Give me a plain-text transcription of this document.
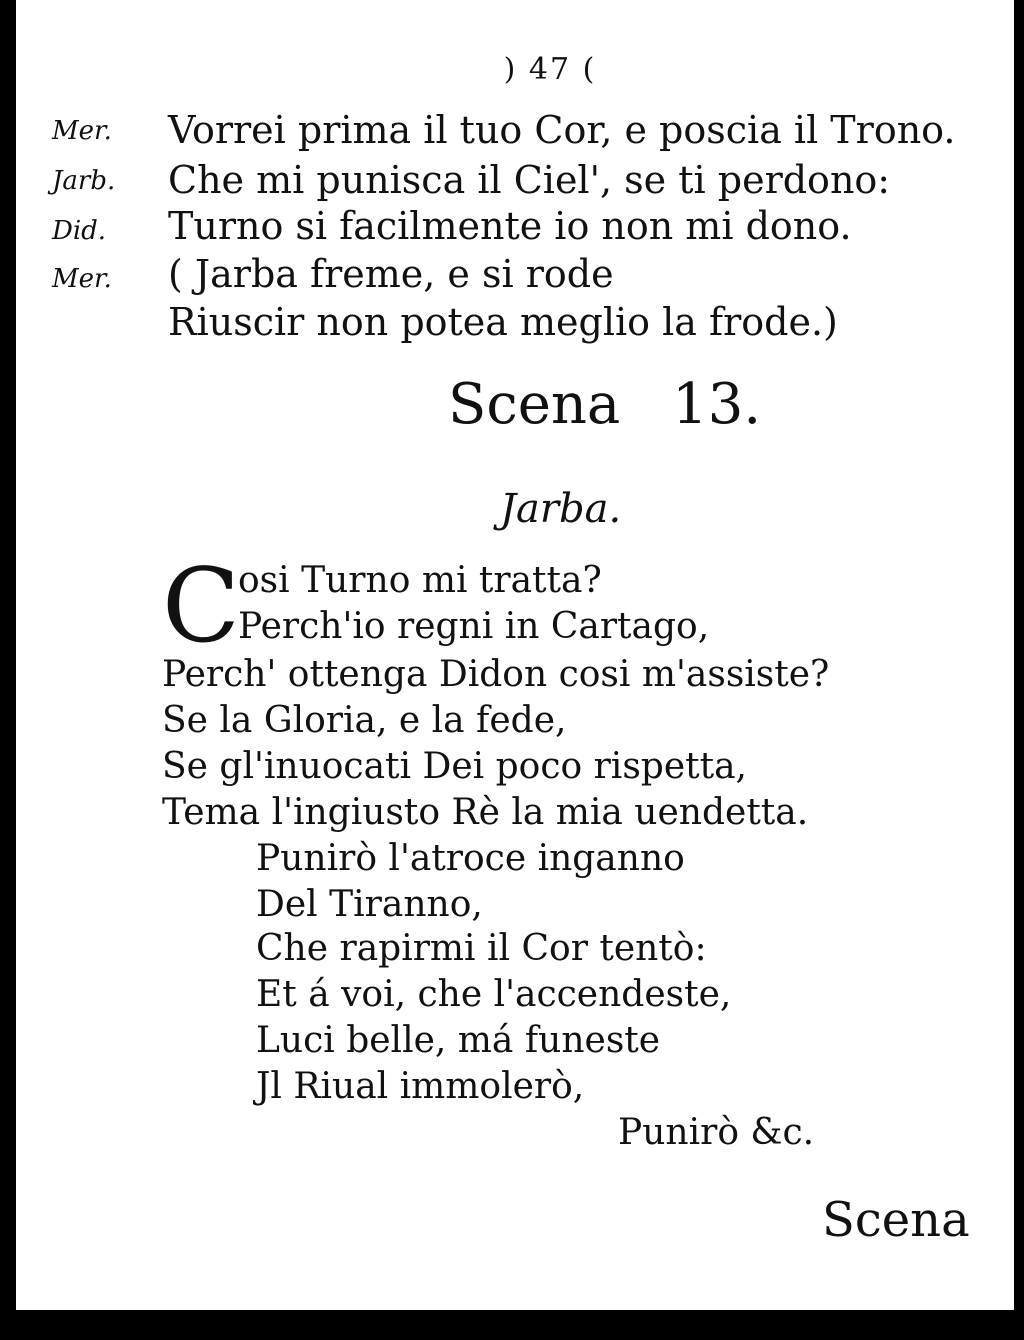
) 47 (
Mer. Vorrei prima il tuo Cor, e poscia il Trono.
Jarb. Che mi punisca il Ciel', se ti perdono:
Did. Turno si facilmente io non mi dono.
Mer. ( Jarba freme, e si rode
Riuscir non potea meglio la frode.)
Scena 13.
Jarba.
C
osi Turno mi tratta?
Perch'io regni in Cartago,
Perch' ottenga Didon cosi m'assiste?
Se la Gloria, e la fede,
Se gl'inuocati Dei poco rispetta,
Tema l'ingiusto Rè la mia uendetta.
Punirò l'atroce inganno
Del Tiranno,
Che rapirmi il Cor tentò:
Et á voi, che l'accendeste,
Luci belle, má funeste
Jl Riual immolerò,
Punirò &c.
Scena
